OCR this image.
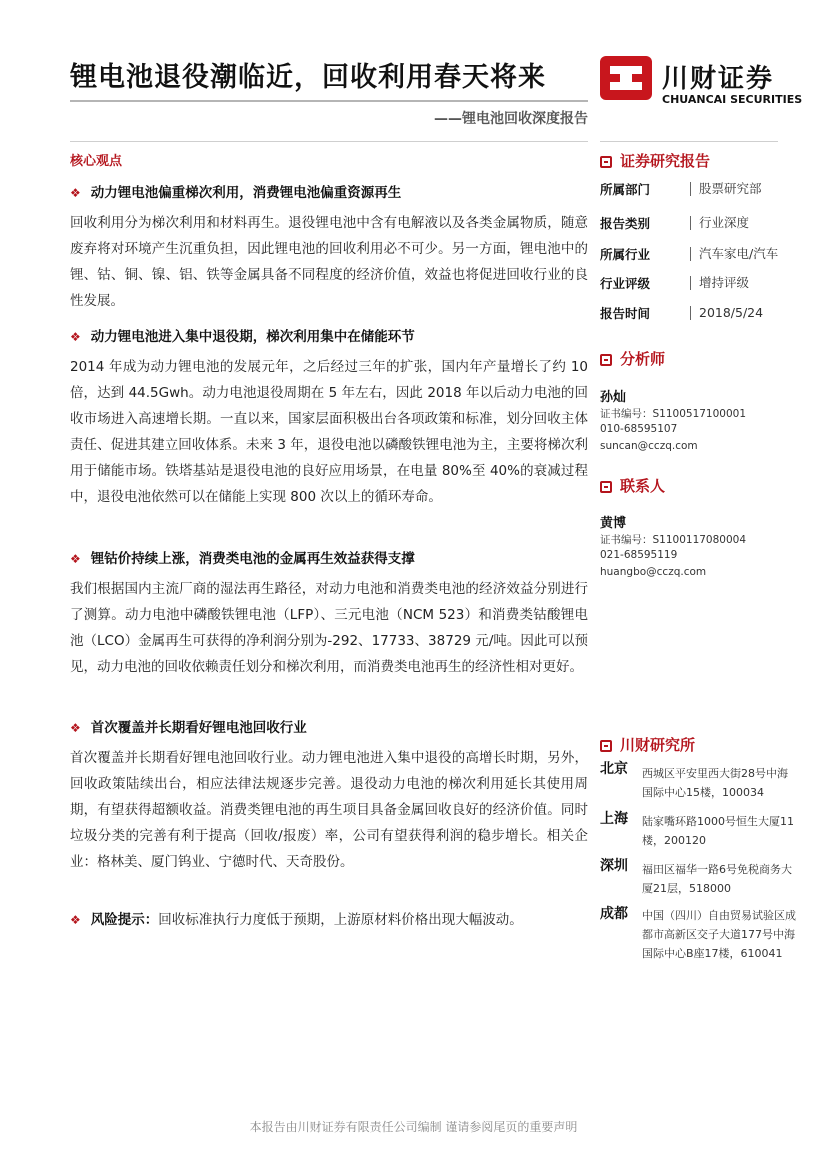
锂电池退役潮临近，回收利用春天将来
——锂电池回收深度报告
川财证券
CHUANCAI SECURITIES
核心观点
❖ 动力锂电池偏重梯次利用，消费锂电池偏重资源再生
回收利用分为梯次利用和材料再生。退役锂电池中含有电解液以及各类金属物质，随意废弃将对环境产生沉重负担，因此锂电池的回收利用必不可少。另一方面，锂电池中的锂、钴、铜、镍、铝、铁等金属具备不同程度的经济价值，效益也将促进回收行业的良性发展。
❖ 动力锂电池进入集中退役期，梯次利用集中在储能环节
2014 年成为动力锂电池的发展元年，之后经过三年的扩张，国内年产量增长了约 10 倍，达到 44.5Gwh。动力电池退役周期在 5 年左右，因此 2018 年以后动力电池的回收市场进入高速增长期。一直以来，国家层面积极出台各项政策和标准，划分回收主体责任、促进其建立回收体系。未来 3 年，退役电池以磷酸铁锂电池为主，主要将梯次利用于储能市场。铁塔基站是退役电池的良好应用场景，在电量 80%至 40%的衰减过程中，退役电池依然可以在储能上实现 800 次以上的循环寿命。
❖ 锂钴价持续上涨，消费类电池的金属再生效益获得支撑
我们根据国内主流厂商的湿法再生路径，对动力电池和消费类电池的经济效益分别进行了测算。动力电池中磷酸铁锂电池（LFP）、三元电池（NCM 523）和消费类钴酸锂电池（LCO）金属再生可获得的净利润分别为-292、17733、38729 元/吨。因此可以预见，动力电池的回收依赖责任划分和梯次利用，而消费类电池再生的经济性相对更好。
❖ 首次覆盖并长期看好锂电池回收行业
首次覆盖并长期看好锂电池回收行业。动力锂电池进入集中退役的高增长时期，另外，回收政策陆续出台，相应法律法规逐步完善。退役动力电池的梯次利用延长其使用周期，有望获得超额收益。消费类锂电池的再生项目具备金属回收良好的经济价值。同时垃圾分类的完善有利于提高（回收/报废）率，公司有望获得利润的稳步增长。相关企业：格林美、厦门钨业、宁德时代、天奇股份。
❖ 风险提示：回收标准执行力度低于预期，上游原材料价格出现大幅波动。
证券研究报告
所属部门	股票研究部
报告类别	行业深度
所属行业	汽车家电/汽车
行业评级	增持评级
报告时间	2018/5/24
分析师
孙灿
证书编号：S1100517100001
010-68595107
suncan@cczq.com
联系人
黄博
证书编号：S1100117080004
021-68595119
huangbo@cczq.com
川财研究所
北京 西城区平安里西大街28号中海国际中心15楼，100034
上海 陆家嘴环路1000号恒生大厦11楼，200120
深圳 福田区福华一路6号免税商务大厦21层，518000
成都 中国（四川）自由贸易试验区成都市高新区交子大道177号中海国际中心B座17楼，610041
本报告由川财证券有限责任公司编制 谨请参阅尾页的重要声明
